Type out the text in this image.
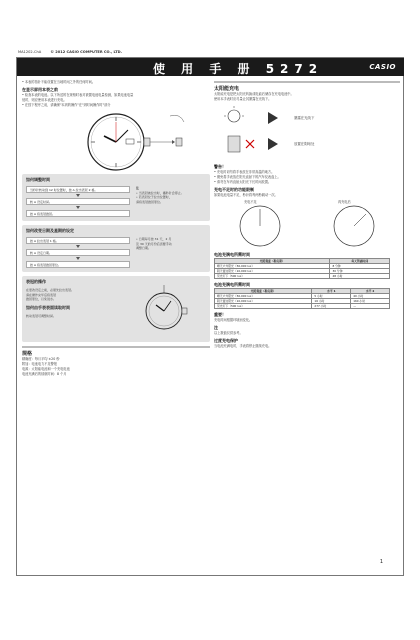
MA1202-ChA	© 2012 CASIO COMPUTER CO., LTD.
使 用 手 册 5272	CASIO
• 本表的指针不能设置在当地时间之外的任何时间。
在显示屏用本表之前
• 检查本表的电池。以下所述的在规格时表对被置电池电量检测，如果电池电量
低时，则应使用本表进行充电。
• 在按下程序之前，请确保"本到的操作"在"到时间操作时"部分
如何调整时间
当秒针转动到 12 时位置时，按 A 拉出表冠 2 格。
转 A 设定时间。
按 A 将表冠推回。
注
• 当表冠被拉出时，播秒针会停止。
• 若表冠位于拉出位置时，
请将表冠推回原位。
如何改变日期及星期的设定
按 A 拉出表冠 1 格。
转 A 设定日期。
按 A 将表冠推回原位。
• 日期每月按 31 天，2 月
及 30 天的月份后需要手动
调整日期。
表冠的操作
在更改设定之前，必须先拉出表冠。
请在操作完毕后将表冠
推回原位，以免进水。
如何由手表表面读取时间
转动表冠可调整时间。
规格
精确度：每月平均 ±20 秒
附加：电池电力不足警报
电源：太阳能电池和一个充电电池
电池充满后的续航时间：8 个月
太阳能充电
太阳能充电是把太阳光转换成电能后储存在充电电池中。
使用本手表时应尽量让其暴露在光线下。
暴露在光线下
放置在阴暗处
警告！
• 充电时切勿将手表放在非常高温的地方。
• 避免将手表放在阳光直射下的汽车仪表盘上。
• 请勿在车内直射太阳光下长时间放置。
充电不足时的功能限制
如果电池电量不足，秒针将每两秒跳动一次。
充电不足	再充电后
电池充满电所需时间
光照强度（勒克斯）	每天所需时间
晴天户外阳光（50,000 lux）	8 分钟
阴天窗边阳光（10,000 lux）	30 分钟
荧光灯下（500 lux）	48 小时
电池充满电所需时间
光照强度（勒克斯）	水平 1	水平 2
晴天户外阳光（50,000 lux）	5 小时	40 小时
阴天窗边阳光（10,000 lux）	16 小时	160 小时
荧光灯下（500 lux）	277 小时	—
重要！
充电时间根据环境而变化。
注
以上数值仅供参考。
过度充电保护
当电池充满电时，手表将停止继续充电。
1
